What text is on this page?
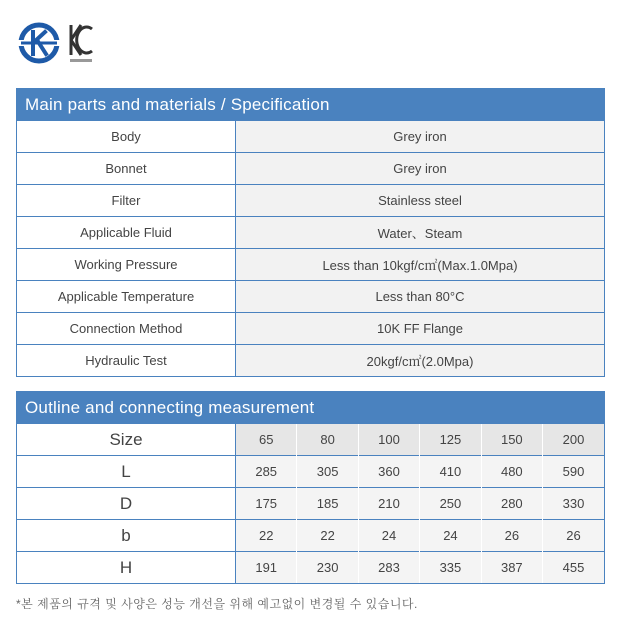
Main parts and materials / Specification
Body	Grey iron
Bonnet	Grey iron
Filter	Stainless steel
Applicable Fluid	Water、Steam
Working Pressure	Less than 10kgf/c㎡(Max.1.0Mpa)
Applicable Temperature	Less than 80°C
Connection Method	10K FF Flange
Hydraulic Test	20kgf/c㎡(2.0Mpa)
Outline and connecting measurement
Size	65	80	100	125	150	200
L	285	305	360	410	480	590
D	175	185	210	250	280	330
b	22	22	24	24	26	26
H	191	230	283	335	387	455
*본 제품의 규격 및 사양은 성능 개선을 위해 예고없이 변경될 수 있습니다.
